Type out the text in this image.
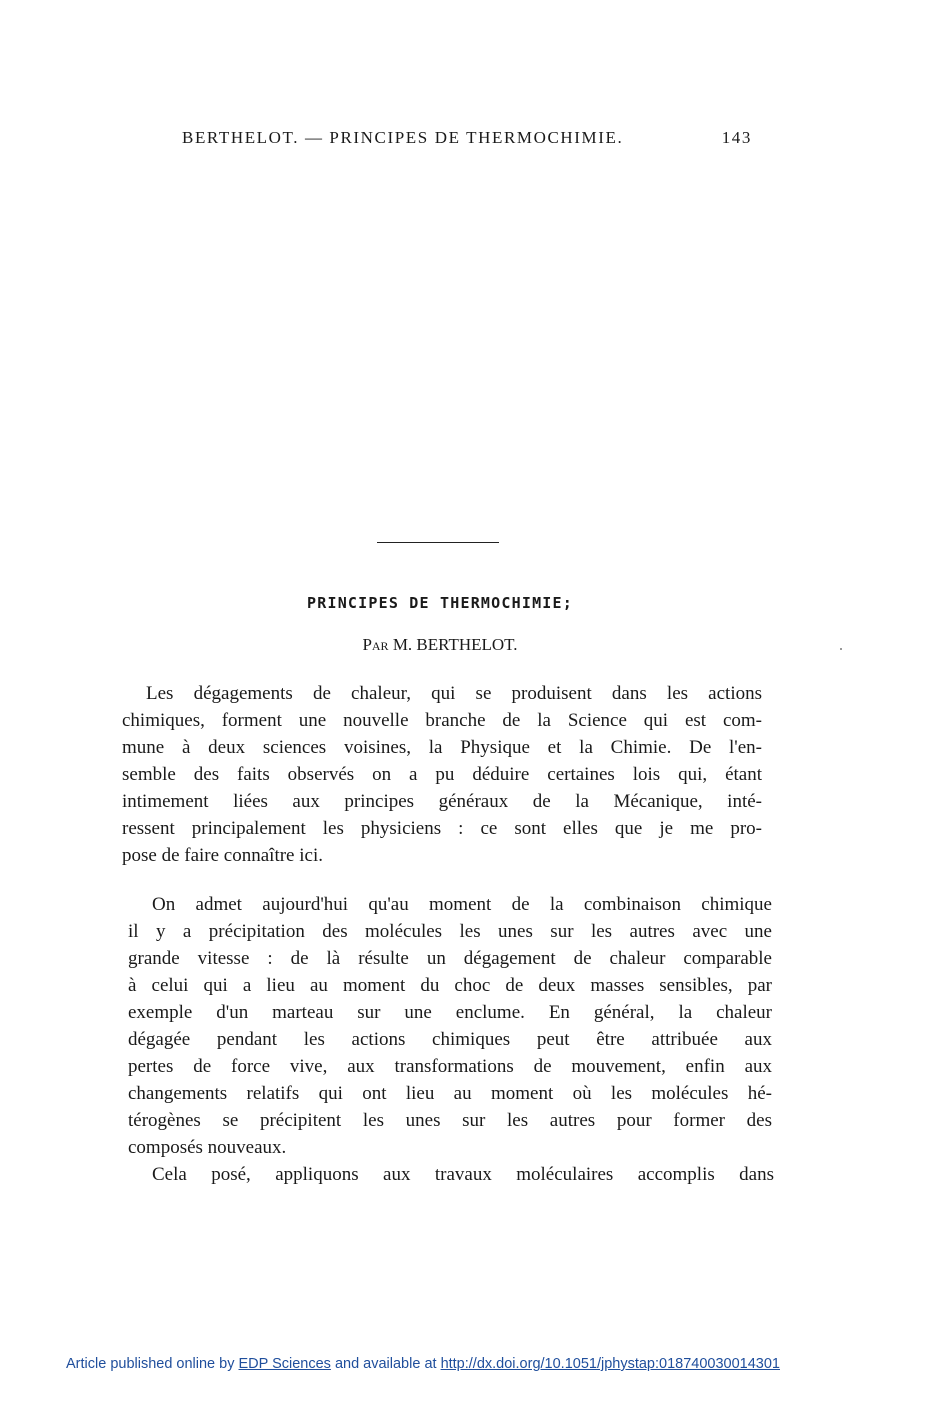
BERTHELOT. — PRINCIPES DE THERMOCHIMIE.	143
PRINCIPES DE THERMOCHIMIE;
Par M. BERTHELOT.
Les dégagements de chaleur, qui se produisent dans les actions
chimiques, forment une nouvelle branche de la Science qui est com-
mune à deux sciences voisines, la Physique et la Chimie. De l'en-
semble des faits observés on a pu déduire certaines lois qui, étant
intimement liées aux principes généraux de la Mécanique, inté-
ressent principalement les physiciens : ce sont elles que je me pro-
pose de faire connaître ici.
On admet aujourd'hui qu'au moment de la combinaison chimique
il y a précipitation des molécules les unes sur les autres avec une
grande vitesse : de là résulte un dégagement de chaleur comparable
à celui qui a lieu au moment du choc de deux masses sensibles, par
exemple d'un marteau sur une enclume. En général, la chaleur
dégagée pendant les actions chimiques peut être attribuée aux
pertes de force vive, aux transformations de mouvement, enfin aux
changements relatifs qui ont lieu au moment où les molécules hé-
térogènes se précipitent les unes sur les autres pour former des
composés nouveaux.
Cela posé, appliquons aux travaux moléculaires accomplis dans
Article published online by EDP Sciences and available at http://dx.doi.org/10.1051/jphystap:018740030014301
